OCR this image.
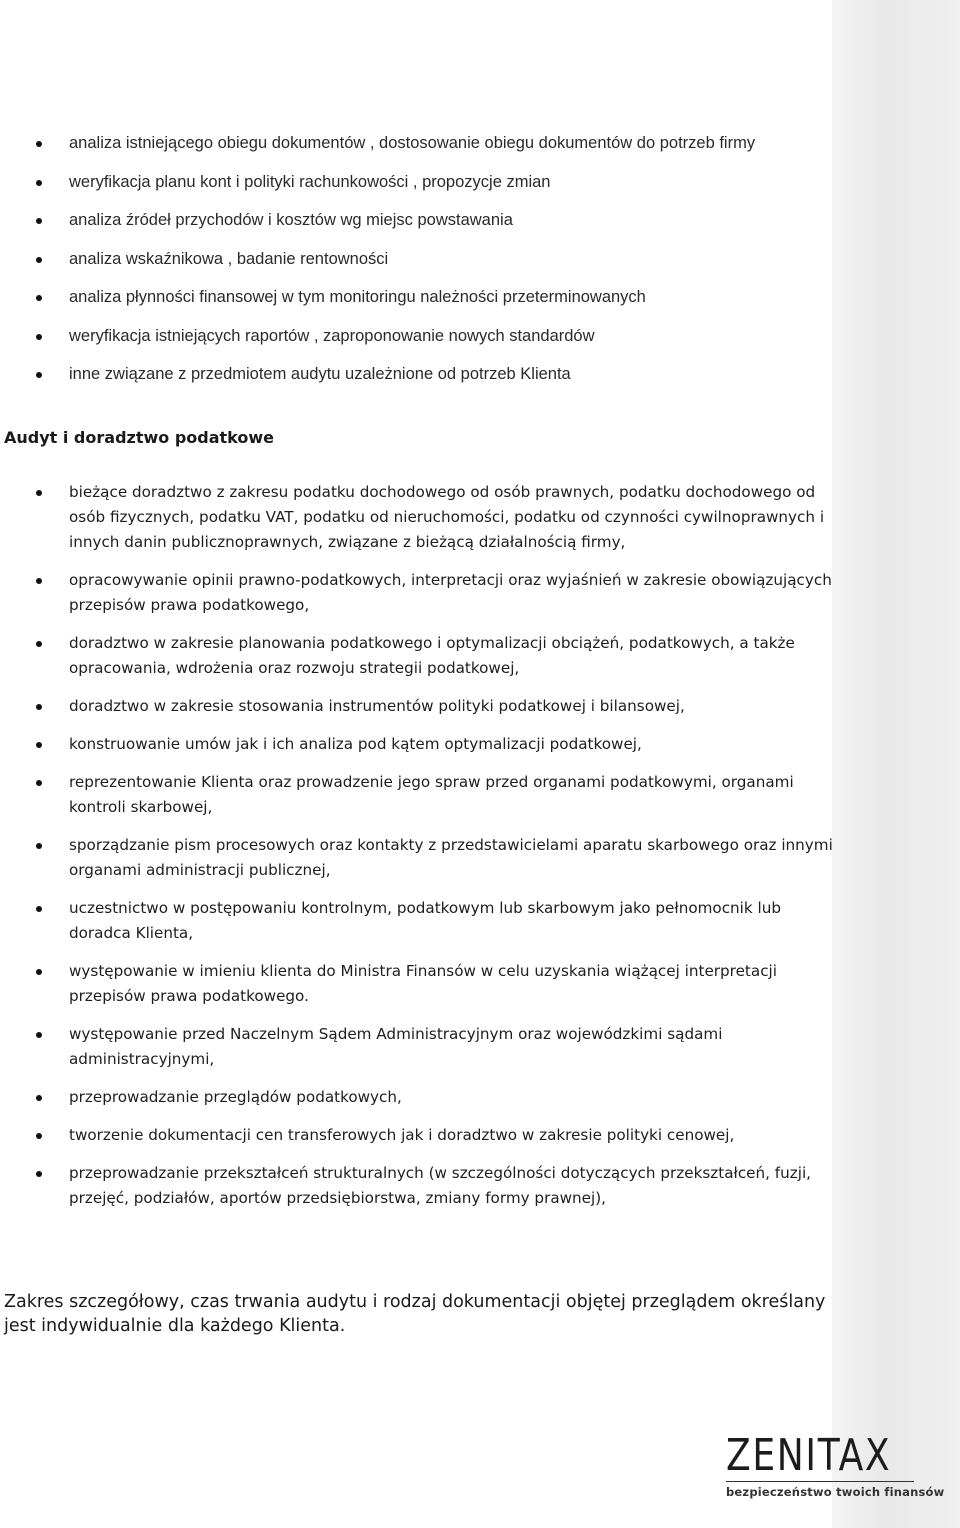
analiza istniejącego obiegu dokumentów , dostosowanie obiegu dokumentów do potrzeb firmy
weryfikacja planu kont i polityki rachunkowości , propozycje zmian
analiza źródeł przychodów i kosztów wg miejsc powstawania
analiza wskaźnikowa , badanie rentowności
analiza płynności finansowej w tym monitoringu należności przeterminowanych
weryfikacja istniejących raportów , zaproponowanie nowych standardów
inne związane z przedmiotem audytu uzależnione od potrzeb Klienta
Audyt i doradztwo podatkowe
bieżące doradztwo z zakresu podatku dochodowego od osób prawnych, podatku dochodowego od osób fizycznych, podatku VAT, podatku od nieruchomości, podatku od czynności cywilnoprawnych i innych danin publicznoprawnych, związane z bieżącą działalnością firmy,
opracowywanie opinii prawno-podatkowych, interpretacji oraz wyjaśnień w zakresie obowiązujących przepisów prawa podatkowego,
doradztwo w zakresie planowania podatkowego i optymalizacji obciążeń, podatkowych, a także opracowania, wdrożenia oraz rozwoju strategii podatkowej,
doradztwo w zakresie stosowania instrumentów polityki podatkowej i bilansowej,
konstruowanie umów jak i ich analiza pod kątem optymalizacji podatkowej,
reprezentowanie Klienta oraz prowadzenie jego spraw przed organami podatkowymi, organami kontroli skarbowej,
sporządzanie pism procesowych oraz kontakty z przedstawicielami aparatu skarbowego oraz innymi organami administracji publicznej,
uczestnictwo w postępowaniu kontrolnym, podatkowym lub skarbowym jako pełnomocnik lub doradca Klienta,
występowanie w imieniu klienta do Ministra Finansów w celu uzyskania wiążącej interpretacji przepisów prawa podatkowego.
występowanie przed Naczelnym Sądem Administracyjnym oraz wojewódzkimi sądami administracyjnymi,
przeprowadzanie przeglądów podatkowych,
tworzenie dokumentacji cen transferowych jak i doradztwo w zakresie polityki cenowej,
przeprowadzanie przekształceń strukturalnych (w szczególności dotyczących przekształceń, fuzji, przejęć, podziałów, aportów przedsiębiorstwa, zmiany formy prawnej),

Zakres szczegółowy, czas trwania audytu i rodzaj dokumentacji objętej przeglądem określany jest indywidualnie dla każdego Klienta.

ZENITAX
bezpieczeństwo twoich finansów
